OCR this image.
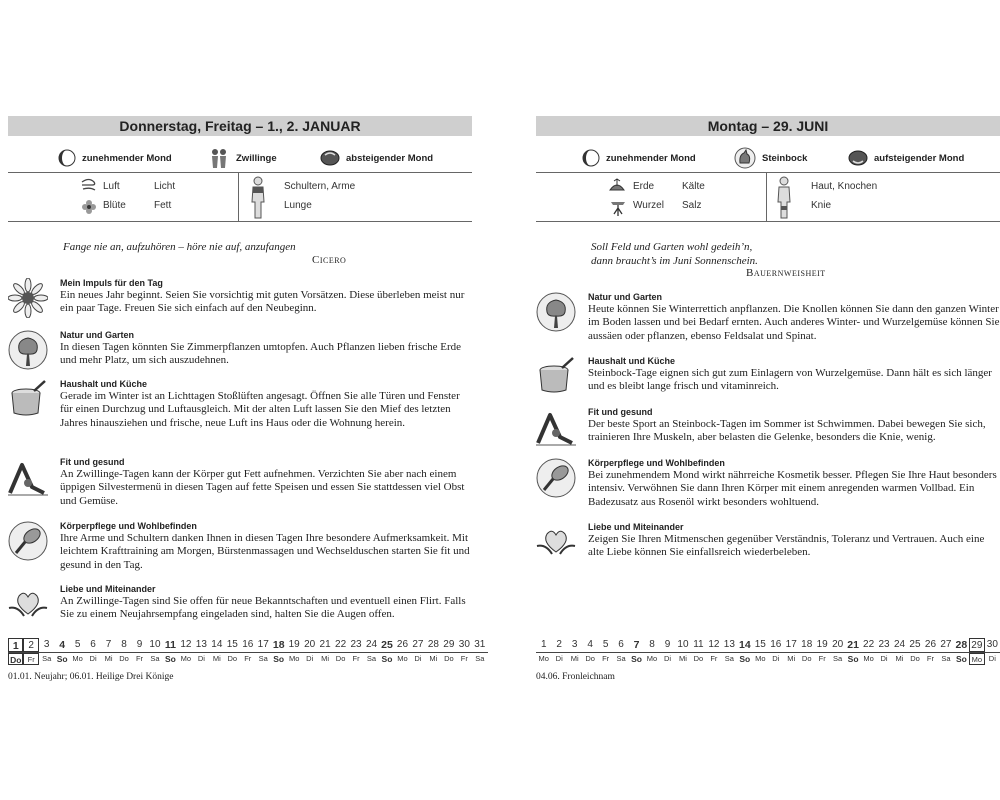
Donnerstag, Freitag – 1., 2. JANUAR
zunehmender Mond	Zwillinge	absteigender Mond
Luft	Licht
Blüte	Fett
Schultern, Arme
Lunge
Fange nie an, aufzuhören – höre nie auf, anzufangen
Cicero
Mein Impuls für den Tag
Ein neues Jahr beginnt. Seien Sie vorsichtig mit guten Vorsätzen. Diese überleben meist nur ein paar Tage. Freuen Sie sich einfach auf den Neubeginn.
Natur und Garten
In diesen Tagen könnten Sie Zimmerpflanzen umtopfen. Auch Pflanzen lieben frische Erde und mehr Platz, um sich auszudehnen.
Haushalt und Küche
Gerade im Winter ist an Lichttagen Stoßlüften angesagt. Öffnen Sie alle Türen und Fenster für einen Durchzug und Luftausgleich. Mit der alten Luft lassen Sie den Mief des letzten Jahres hinausziehen und frische, neue Luft ins Haus oder die Wohnung herein.
Fit und gesund
An Zwillinge-Tagen kann der Körper gut Fett aufnehmen. Verzichten Sie aber nach einem üppigen Silvestermenü in diesen Tagen auf fette Speisen und essen Sie stattdessen viel Obst und Gemüse.
Körperpflege und Wohlbefinden
Ihre Arme und Schultern danken Ihnen in diesen Tagen Ihre besondere Aufmerksamkeit. Mit leichtem Krafttraining am Morgen, Bürstenmassagen und Wechselduschen starten Sie fit und gesund in den Tag.
Liebe und Miteinander
An Zwillinge-Tagen sind Sie offen für neue Bekanntschaften und eventuell einen Flirt. Falls Sie zu einem Neujahrsempfang eingeladen sind, halten Sie die Augen offen.
1 2 3 4 5 6 7 8 9 10 11 12 13 14 15 16 17 18 19 20 21 22 23 24 25 26 27 28 29 30 31
Do Fr Sa So Mo Di	Mi Do Fr Sa So Mo Di	Mi Do Fr Sa So Mo Di	Mi Do Fr Sa So Mo Di	Mi Do Fr Sa
01.01. Neujahr; 06.01. Heilige Drei Könige
Montag – 29. JUNI
zunehmender Mond	Steinbock	aufsteigender Mond
Erde	Kälte
Wurzel Salz
Haut, Knochen
Knie
Soll Feld und Garten wohl gedeih’n,
dann braucht’s im Juni Sonnenschein.
Bauernweisheit
Natur und Garten
Heute können Sie Winterrettich anpflanzen. Die Knollen können Sie dann den ganzen Winter im Boden lassen und bei Bedarf ernten. Auch anderes Winter- und Wurzelgemüse können Sie aussäen oder pflanzen, ebenso Feldsalat und Spinat.
Haushalt und Küche
Steinbock-Tage eignen sich gut zum Einlagern von Wurzelgemüse. Dann hält es sich länger und es bleibt lange frisch und vitaminreich.
Fit und gesund
Der beste Sport an Steinbock-Tagen im Sommer ist Schwimmen. Dabei bewegen Sie sich, trainieren Ihre Muskeln, aber belasten die Gelenke, besonders die Knie, wenig.
Körperpflege und Wohlbefinden
Bei zunehmendem Mond wirkt nährreiche Kosmetik besser. Pflegen Sie Ihre Haut besonders intensiv. Verwöhnen Sie dann Ihren Körper mit einem anregenden warmen Vollbad. Ein Badezusatz aus Rosenöl wirkt besonders wohltuend.
Liebe und Miteinander
Zeigen Sie Ihren Mitmenschen gegenüber Verständnis, Toleranz und Vertrauen. Auch eine alte Liebe können Sie einfallsreich wiederbeleben.
1 2 3 4 5 6 7 8 9 10 11 12 13 14 15 16 17 18 19 20 21 22 23 24 25 26 27 28 29 30
Mo Di	Mi Do Fr Sa So Mo Di	Mi Do Fr Sa So Mo Di	Mi Do Fr Sa So Mo Di	Mi Do Fr Sa So Mo Di
04.06. Fronleichnam
